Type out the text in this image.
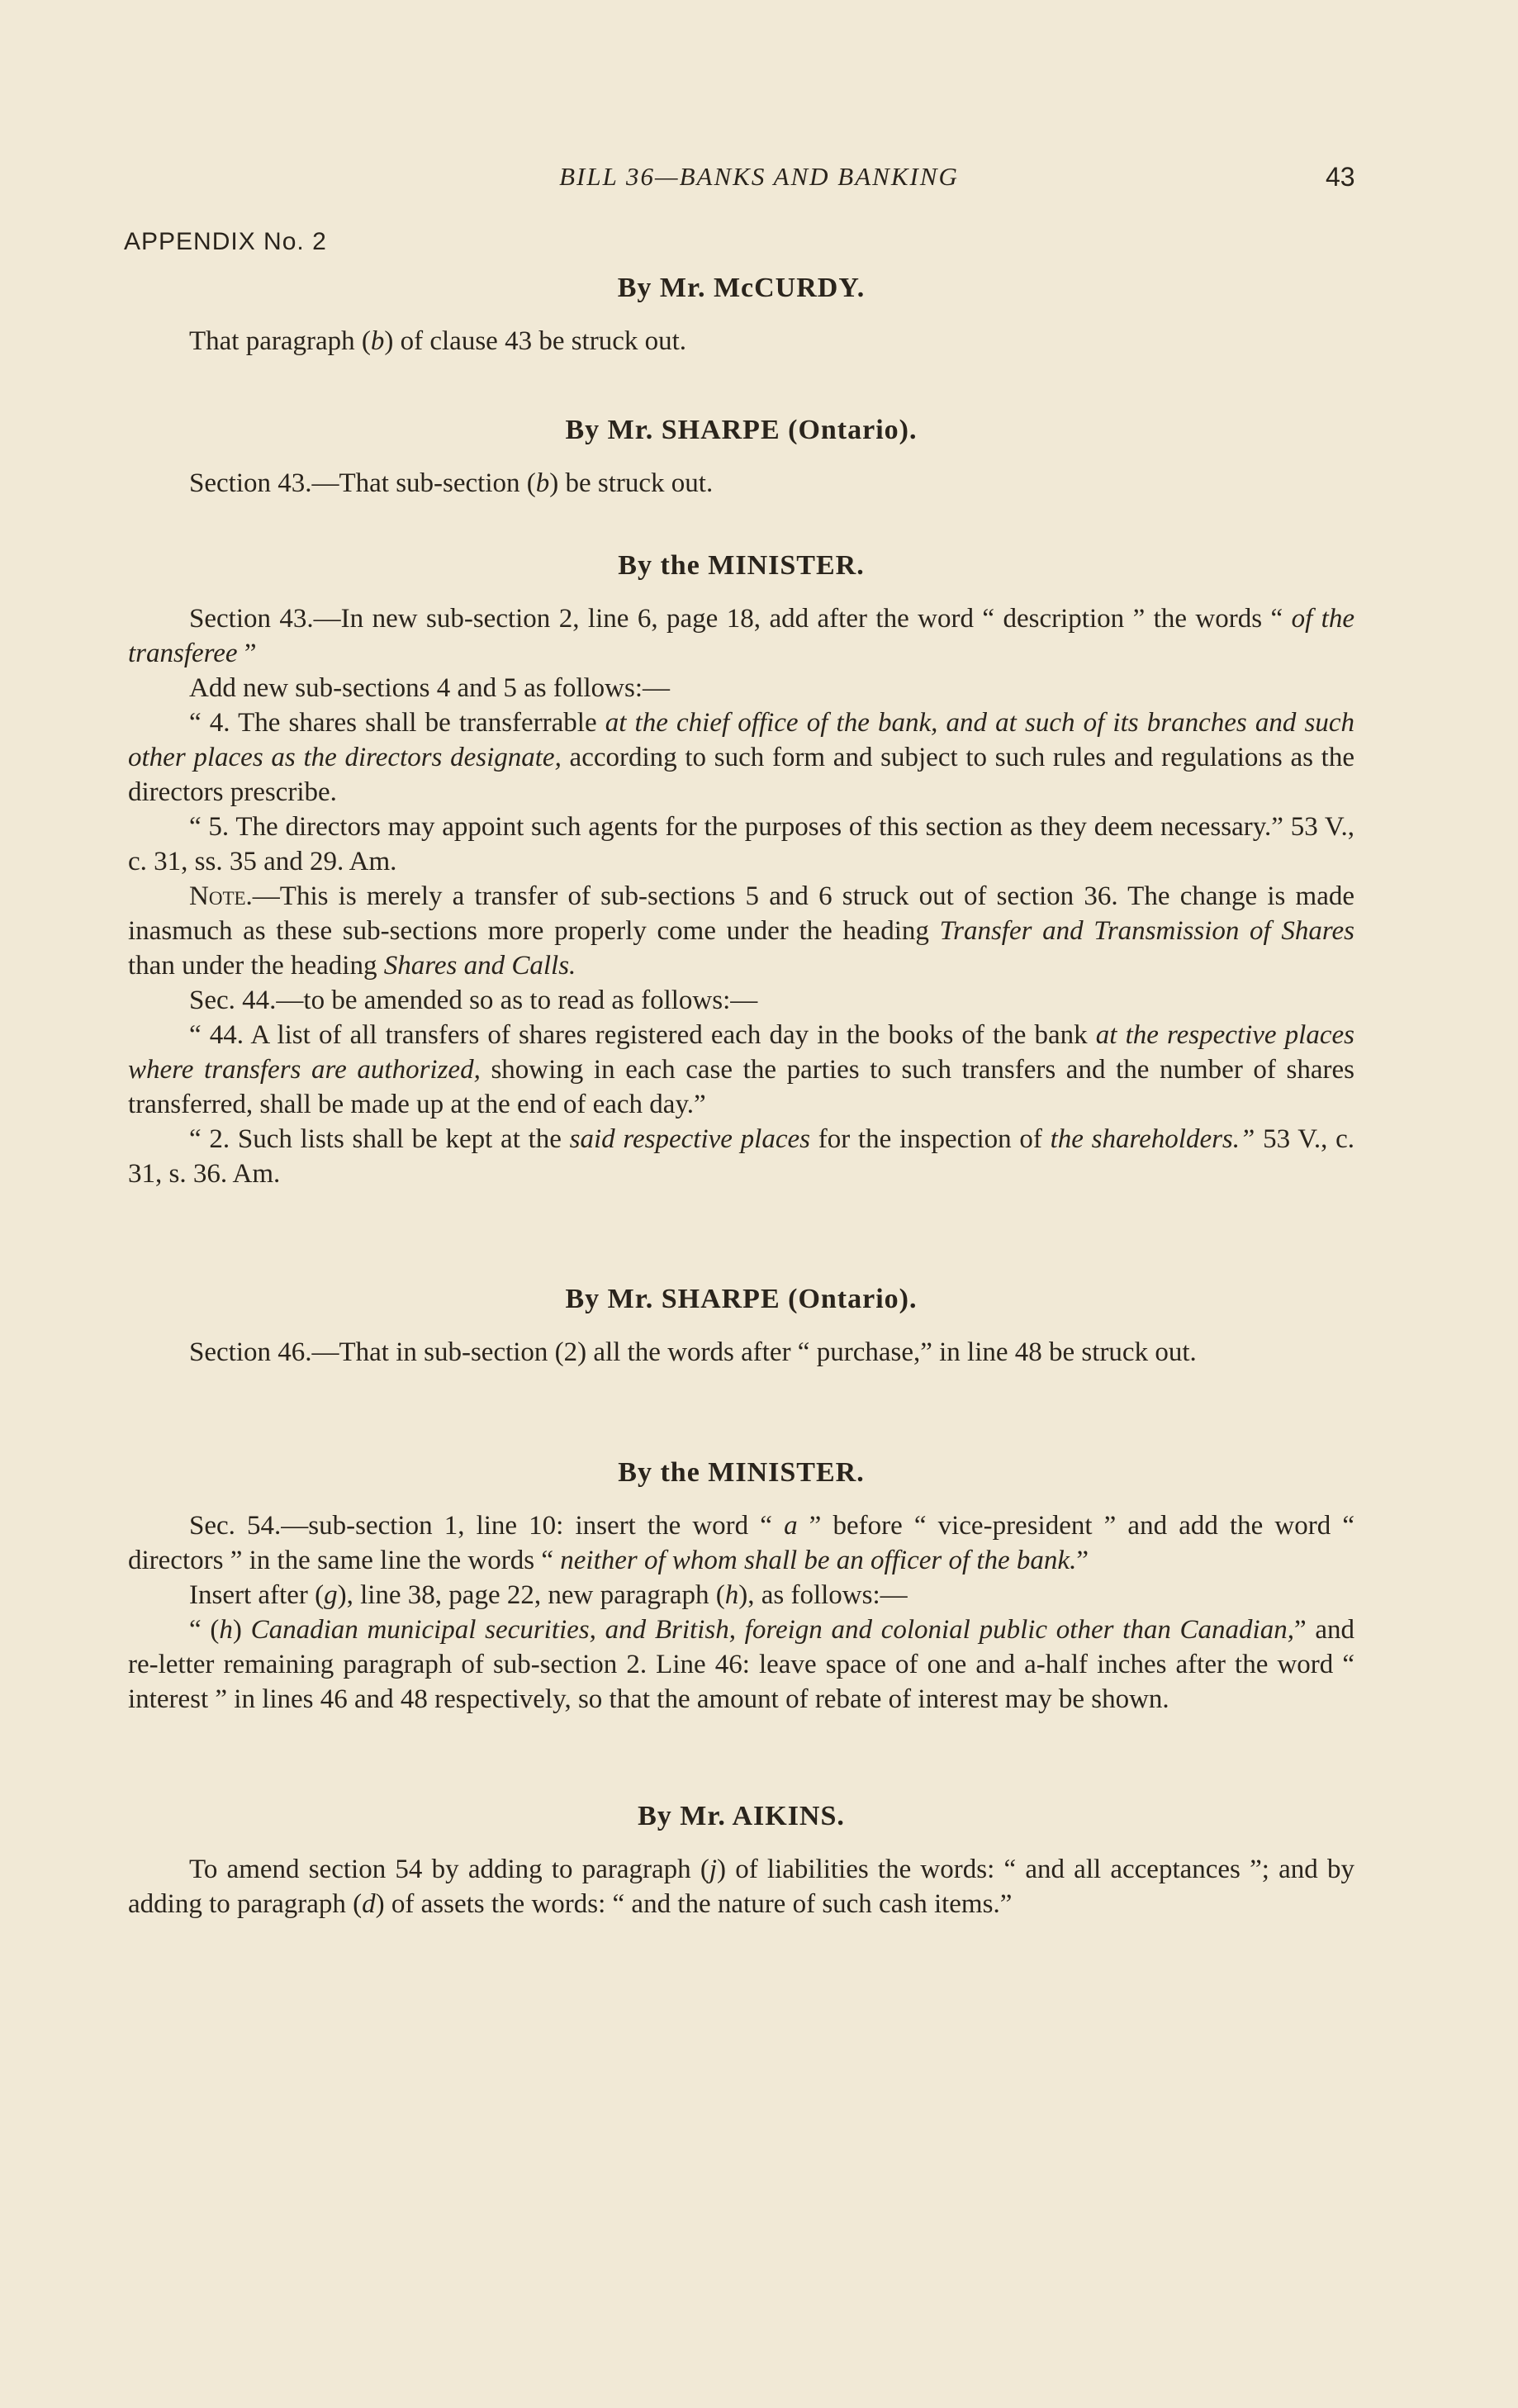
BILL 36—BANKS AND BANKING	43
APPENDIX No. 2
By Mr. McCURDY.

That paragraph (b) of clause 43 be struck out.

By Mr. SHARPE (Ontario).

Section 43.—That sub-section (b) be struck out.

By the MINISTER.

Section 43.—In new sub-section 2, line 6, page 18, add after the word “ description ” the words “ of the transferee ”

Add new sub-sections 4 and 5 as follows:—

“ 4. The shares shall be transferrable at the chief office of the bank, and at such of its branches and such other places as the directors designate, according to such form and subject to such rules and regulations as the directors prescribe.

“ 5. The directors may appoint such agents for the purposes of this section as they deem necessary.” 53 V., c. 31, ss. 35 and 29. Am.

Note.—This is merely a transfer of sub-sections 5 and 6 struck out of section 36. The change is made inasmuch as these sub-sections more properly come under the heading Transfer and Transmission of Shares than under the heading Shares and Calls.

Sec. 44.—to be amended so as to read as follows:—

“ 44. A list of all transfers of shares registered each day in the books of the bank at the respective places where transfers are authorized, showing in each case the parties to such transfers and the number of shares transferred, shall be made up at the end of each day.”

“ 2. Such lists shall be kept at the said respective places for the inspection of the shareholders.” 53 V., c. 31, s. 36. Am.

By Mr. SHARPE (Ontario).

Section 46.—That in sub-section (2) all the words after “ purchase,” in line 48 be struck out.

By the MINISTER.

Sec. 54.—sub-section 1, line 10: insert the word “ a ” before “ vice-president ” and add the word “ directors ” in the same line the words “ neither of whom shall be an officer of the bank.”

Insert after (g), line 38, page 22, new paragraph (h), as follows:—

“ (h) Canadian municipal securities, and British, foreign and colonial public other than Canadian,” and re-letter remaining paragraph of sub-section 2. Line 46: leave space of one and a-half inches after the word “ interest ” in lines 46 and 48 respectively, so that the amount of rebate of interest may be shown.

By Mr. AIKINS.

To amend section 54 by adding to paragraph (j) of liabilities the words: “ and all acceptances ”; and by adding to paragraph (d) of assets the words: “ and the nature of such cash items.”
